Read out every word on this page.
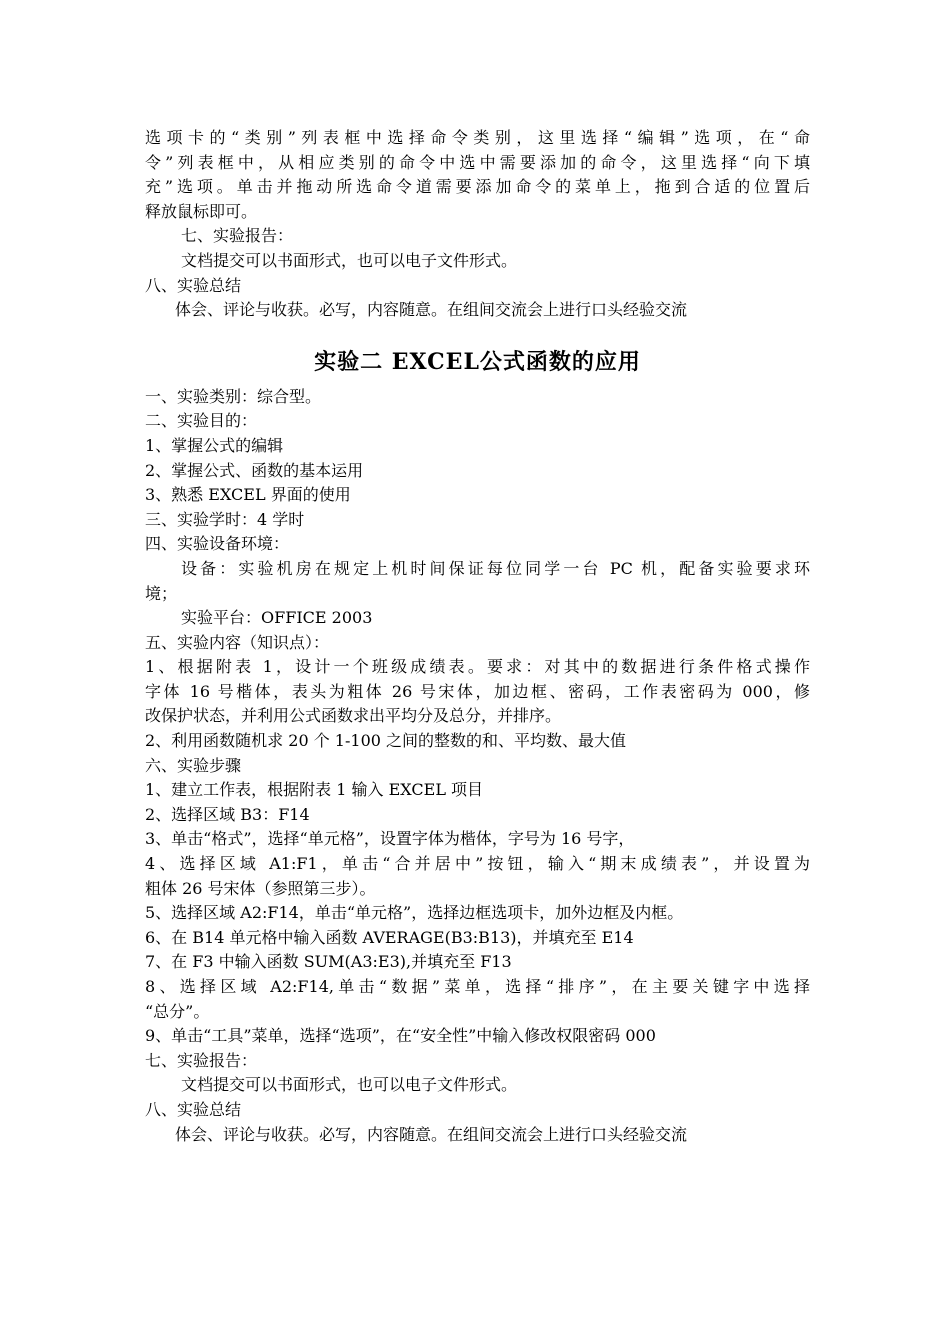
选项卡的“类别”列表框中选择命令类别，这里选择“编辑”选项，在“命
令”列表框中，从相应类别的命令中选中需要添加的命令，这里选择“向下填
充”选项。单击并拖动所选命令道需要添加命令的菜单上，拖到合适的位置后
释放鼠标即可。
七、实验报告：
文档提交可以书面形式，也可以电子文件形式。
八、实验总结
体会、评论与收获。必写，内容随意。在组间交流会上进行口头经验交流
实验二 EXCEL公式函数的应用
一、实验类别：综合型。
二、实验目的：
1、掌握公式的编辑
2、掌握公式、函数的基本运用
3、熟悉 EXCEL 界面的使用
三、实验学时：4 学时
四、实验设备环境：
设备：实验机房在规定上机时间保证每位同学一台 PC 机，配备实验要求环
境；
实验平台：OFFICE 2003
五、实验内容（知识点）：
1、根据附表 1，设计一个班级成绩表。要求：对其中的数据进行条件格式操作
字体 16 号楷体，表头为粗体 26 号宋体，加边框、密码，工作表密码为 000，修
改保护状态，并利用公式函数求出平均分及总分，并排序。
2、利用函数随机求 20 个 1-100 之间的整数的和、平均数、最大值
六、实验步骤
1、建立工作表，根据附表 1 输入 EXCEL 项目
2、选择区域 B3：F14
3、单击“格式”，选择“单元格”，设置字体为楷体，字号为 16 号字，
4、选择区域 A1:F1，单击“合并居中”按钮，输入“期末成绩表”，并设置为
粗体 26 号宋体（参照第三步）。
5、选择区域 A2:F14，单击“单元格”，选择边框选项卡，加外边框及内框。
6、在 B14 单元格中输入函数 AVERAGE(B3:B13)，并填充至 E14
7、在 F3 中输入函数 SUM(A3:E3),并填充至 F13
8、选择区域 A2:F14,单击“数据”菜单，选择“排序”，在主要关键字中选择
“总分”。
9、单击“工具”菜单，选择“选项”，在“安全性”中输入修改权限密码 000
七、实验报告：
文档提交可以书面形式，也可以电子文件形式。
八、实验总结
体会、评论与收获。必写，内容随意。在组间交流会上进行口头经验交流
